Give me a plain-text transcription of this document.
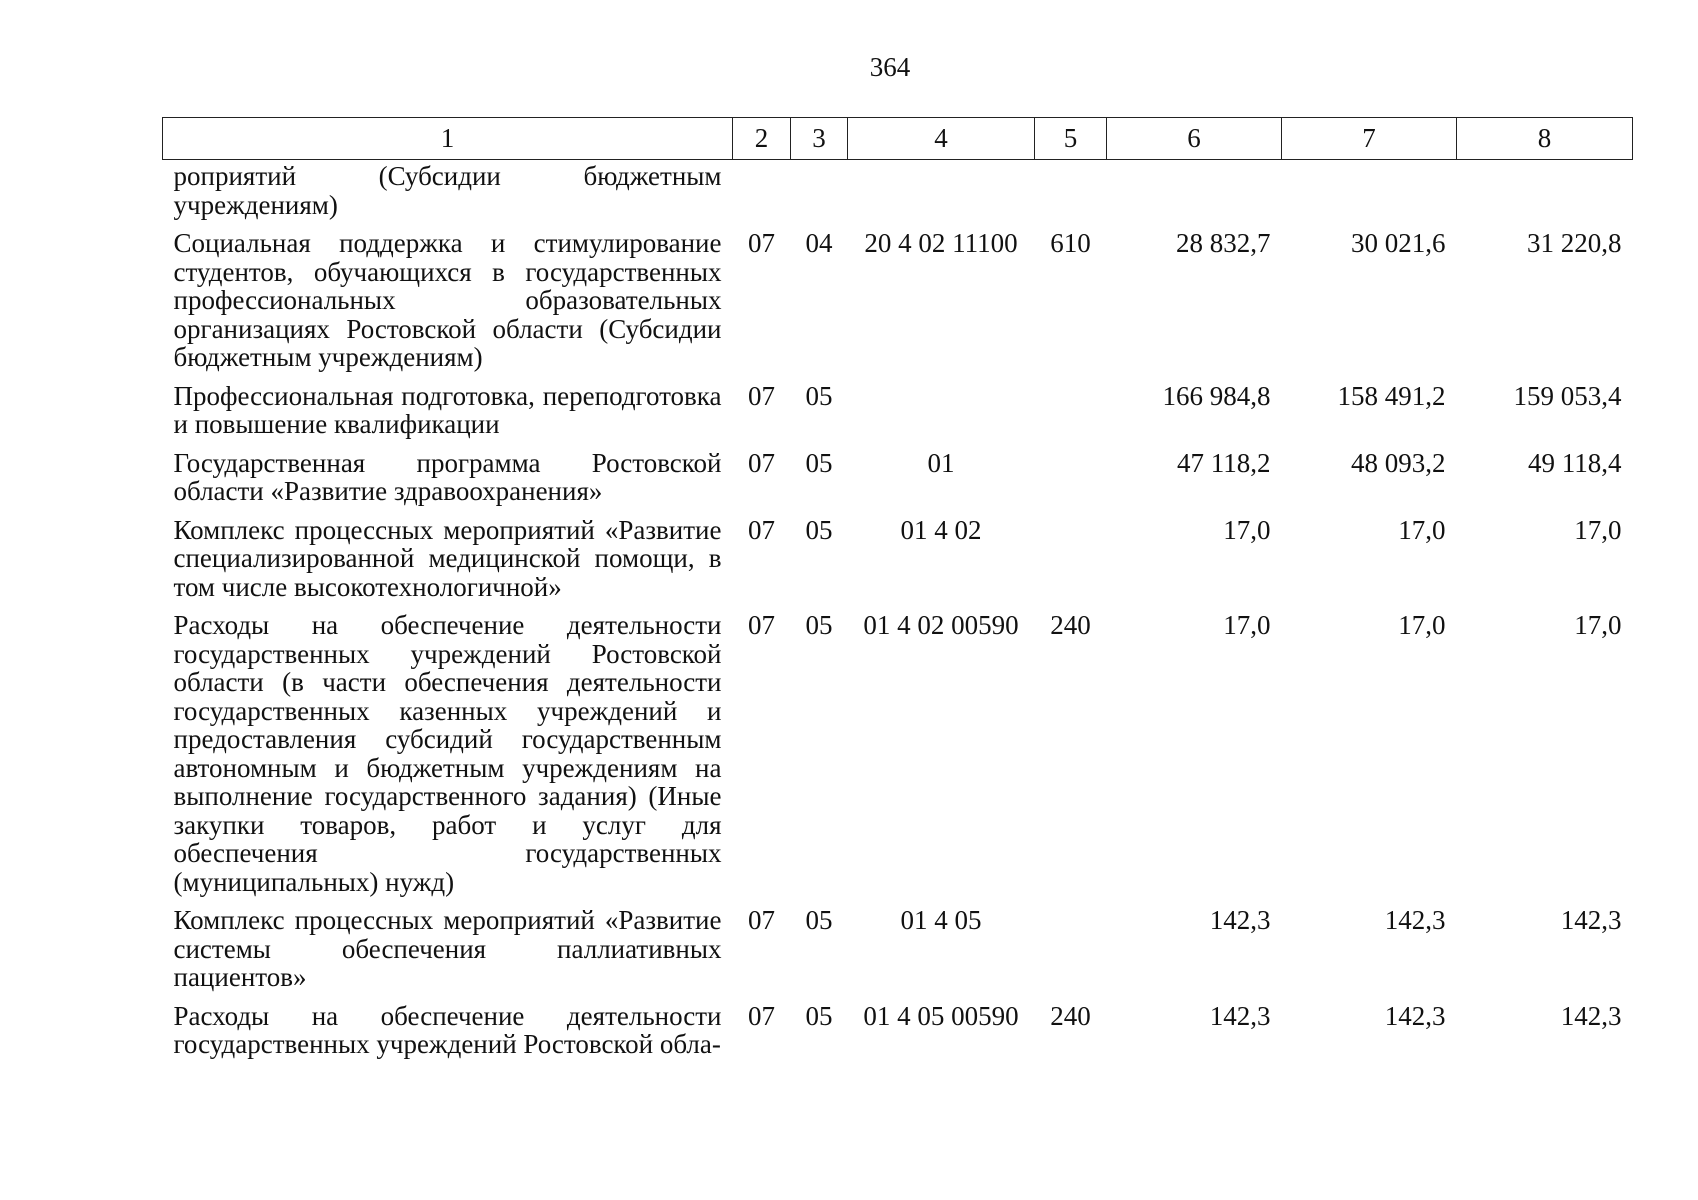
364
1	2	3	4	5	6	7	8
роприятий (Субсидии бюджетным учреждениям)							
Социальная поддержка и стимулирование студентов, обучающихся в государственных профессиональных образовательных организациях Ростовской области (Субсидии бюджетным учреждениям)	07	04	20 4 02 11100	610	28 832,7	30 021,6	31 220,8
Профессиональная подготовка, переподготовка и повышение квалификации	07	05			166 984,8	158 491,2	159 053,4
Государственная программа Ростовской области «Развитие здравоохранения»	07	05	01		47 118,2	48 093,2	49 118,4
Комплекс процессных мероприятий «Развитие специализированной медицинской помощи, в том числе высокотехнологичной»	07	05	01 4 02		17,0	17,0	17,0
Расходы на обеспечение деятельности государственных учреждений Ростовской области (в части обеспечения деятельности государственных казенных учреждений и предоставления субсидий государственным автономным и бюджетным учреждениям на выполнение государственного задания) (Иные закупки товаров, работ и услуг для обеспечения государственных (муниципальных) нужд)	07	05	01 4 02 00590	240	17,0	17,0	17,0
Комплекс процессных мероприятий «Развитие системы обеспечения паллиативных пациентов»	07	05	01 4 05		142,3	142,3	142,3
Расходы на обеспечение деятельности государственных учреждений Ростовской обла-	07	05	01 4 05 00590	240	142,3	142,3	142,3
